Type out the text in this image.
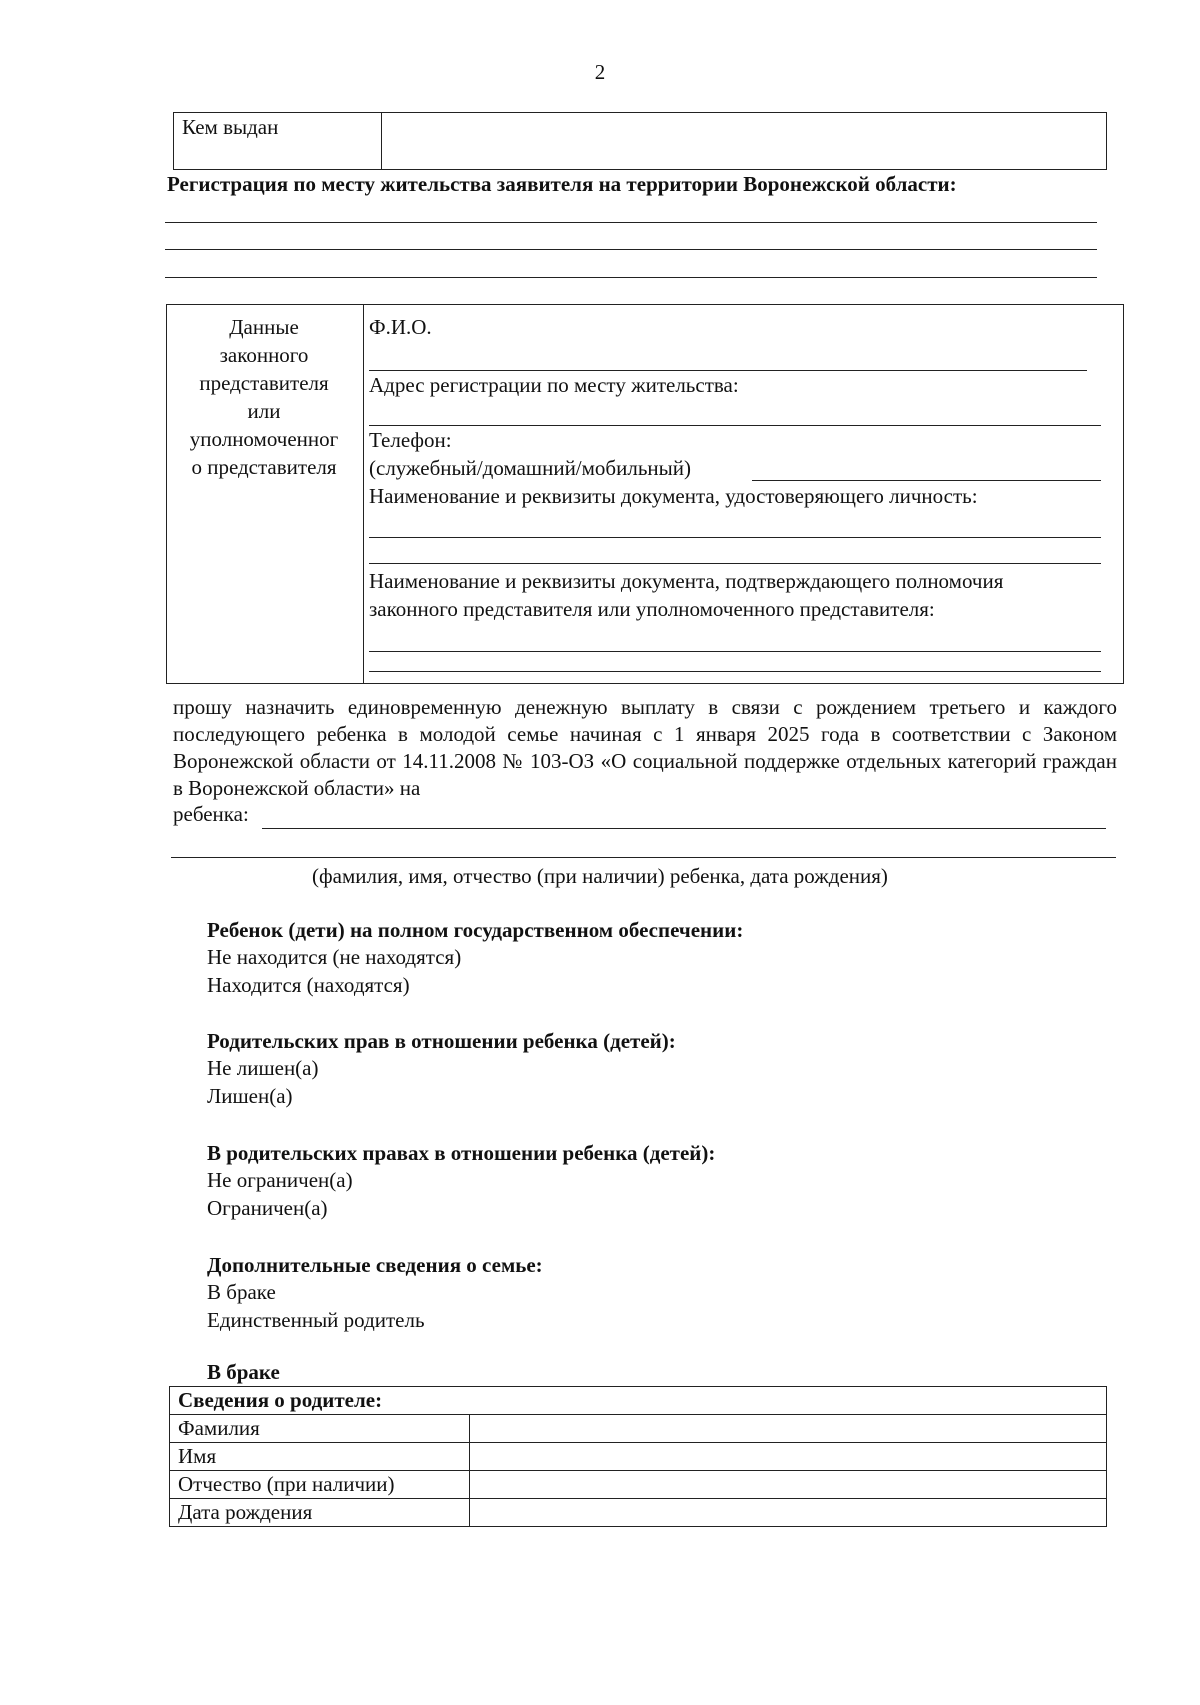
2
Кем выдан
Регистрация по месту жительства заявителя на территории Воронежской области:
Данные
законного
представителя
или
уполномоченног
о представителя
Ф.И.О.
Адрес регистрации по месту жительства:
Телефон:
(служебный/домашний/мобильный)
Наименование и реквизиты документа, удостоверяющего личность:
Наименование и реквизиты документа, подтверждающего полномочия
законного представителя или уполномоченного представителя:
прошу назначить единовременную денежную выплату в связи с рождением третьего и каждого последующего ребенка в молодой семье начиная с 1 января 2025 года в соответствии с Законом Воронежской области от 14.11.2008 № 103-ОЗ «О социальной поддержке отдельных категорий граждан в Воронежской области» на
ребенка:
(фамилия, имя, отчество (при наличии) ребенка, дата рождения)
Ребенок (дети) на полном государственном обеспечении:
Не находится (не находятся)
Находится (находятся)
Родительских прав в отношении ребенка (детей):
Не лишен(а)
Лишен(а)
В родительских правах в отношении ребенка (детей):
Не ограничен(а)
Ограничен(а)
Дополнительные сведения о семье:
В браке
Единственный родитель
В браке
Сведения о родителе:	
Фамилия	
Имя	
Отчество (при наличии)	
Дата рождения	
